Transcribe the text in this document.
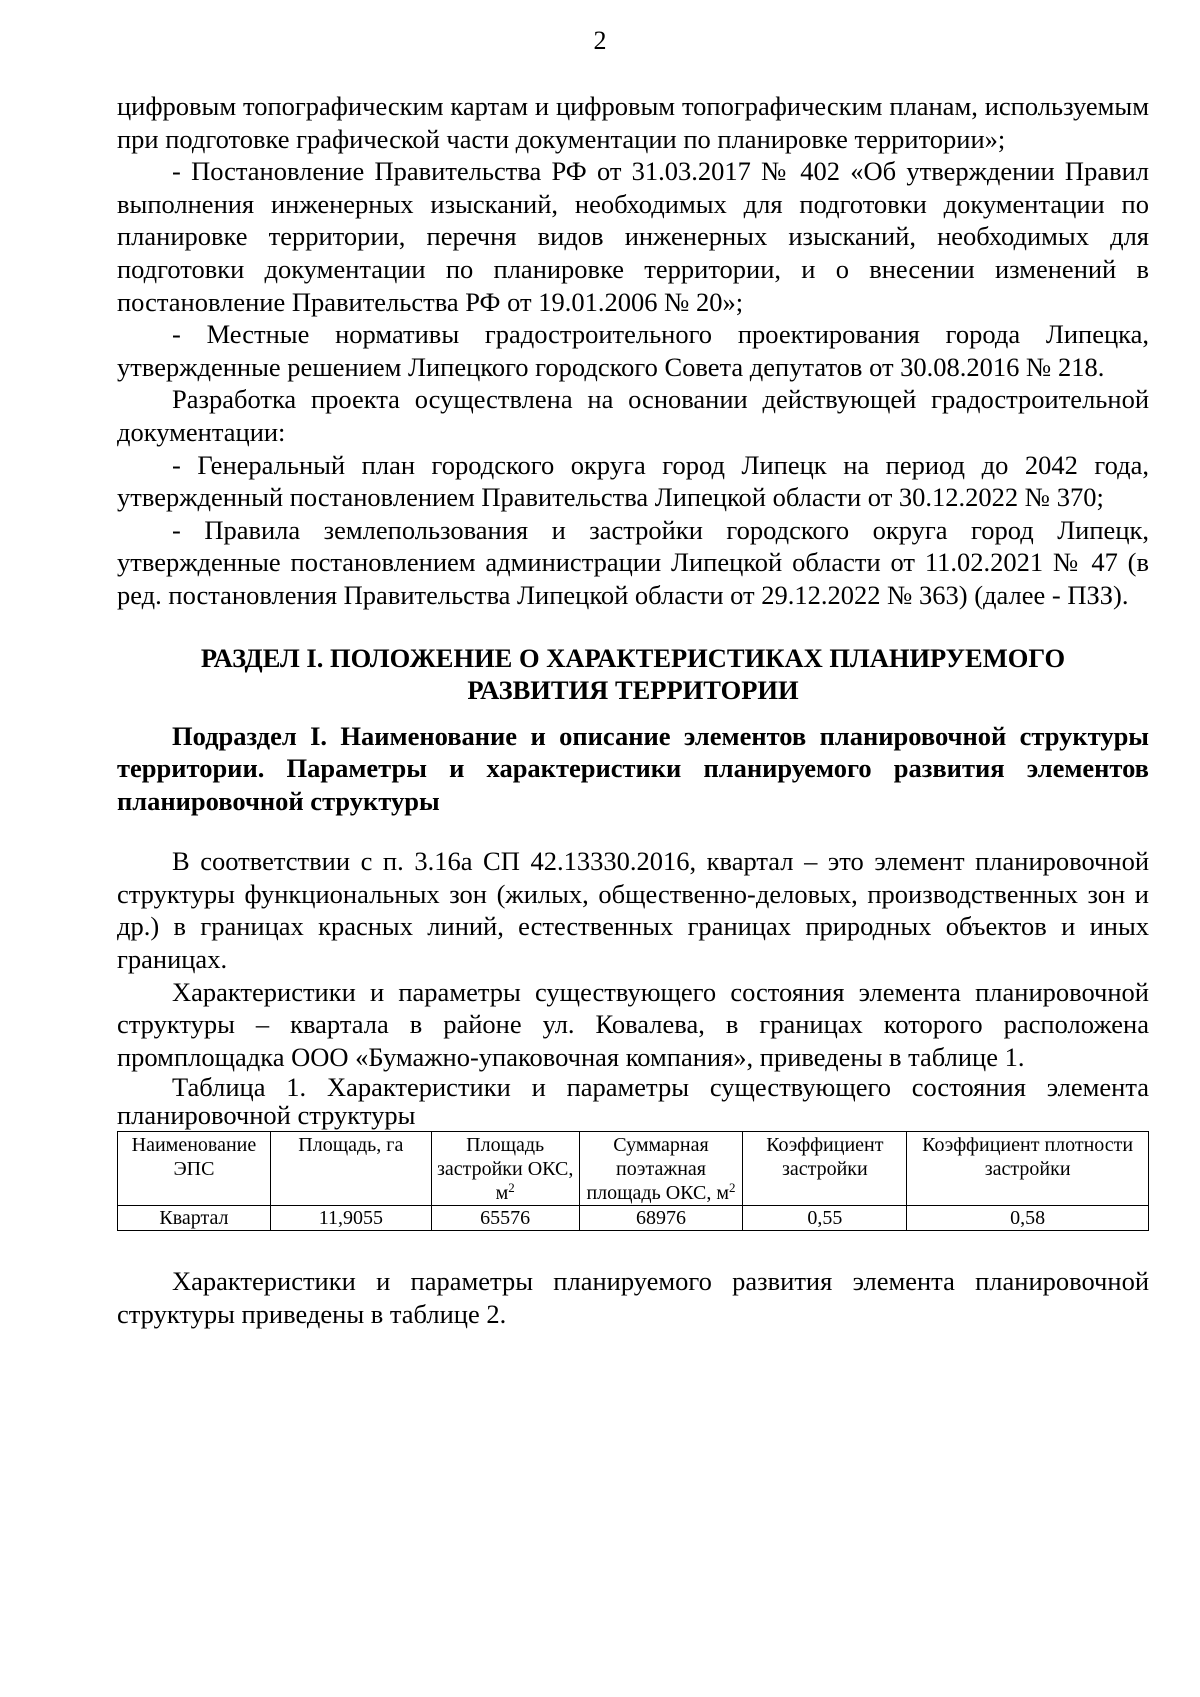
2

цифровым топографическим картам и цифровым топографическим планам, используемым при подготовке графической части документации по планировке территории»;

- Постановление Правительства РФ от 31.03.2017 № 402 «Об утверждении Правил выполнения инженерных изысканий, необходимых для подготовки документации по планировке территории, перечня видов инженерных изысканий, необходимых для подготовки документации по планировке территории, и о внесении изменений в постановление Правительства РФ от 19.01.2006 № 20»;

- Местные нормативы градостроительного проектирования города Липецка, утвержденные решением Липецкого городского Совета депутатов от 30.08.2016 № 218.

Разработка проекта осуществлена на основании действующей градостроительной документации:

- Генеральный план городского округа город Липецк на период до 2042 года, утвержденный постановлением Правительства Липецкой области от 30.12.2022 № 370;

- Правила землепользования и застройки городского округа город Липецк, утвержденные постановлением администрации Липецкой области от 11.02.2021 № 47 (в ред. постановления Правительства Липецкой области от 29.12.2022 № 363) (далее - ПЗЗ).

РАЗДЕЛ I. ПОЛОЖЕНИЕ О ХАРАКТЕРИСТИКАХ ПЛАНИРУЕМОГО РАЗВИТИЯ ТЕРРИТОРИИ

Подраздел I. Наименование и описание элементов планировочной структуры территории. Параметры и характеристики планируемого развития элементов планировочной структуры

В соответствии с п. 3.16а СП 42.13330.2016, квартал – это элемент планировочной структуры функциональных зон (жилых, общественно-деловых, производственных зон и др.) в границах красных линий, естественных границах природных объектов и иных границах.

Характеристики и параметры существующего состояния элемента планировочной структуры – квартала в районе ул. Ковалева, в границах которого расположена промплощадка ООО «Бумажно-упаковочная компания», приведены в таблице 1.

Таблица 1. Характеристики и параметры существующего состояния элемента планировочной структуры

Наименование ЭПС	Площадь, га	Площадь застройки ОКС, $м^2$	Суммарная поэтажная площадь ОКС, $м^2$	Коэффициент застройки	Коэффициент плотности застройки
Квартал	11,9055	65576	68976	0,55	0,58

Характеристики и параметры планируемого развития элемента планировочной структуры приведены в таблице 2.
